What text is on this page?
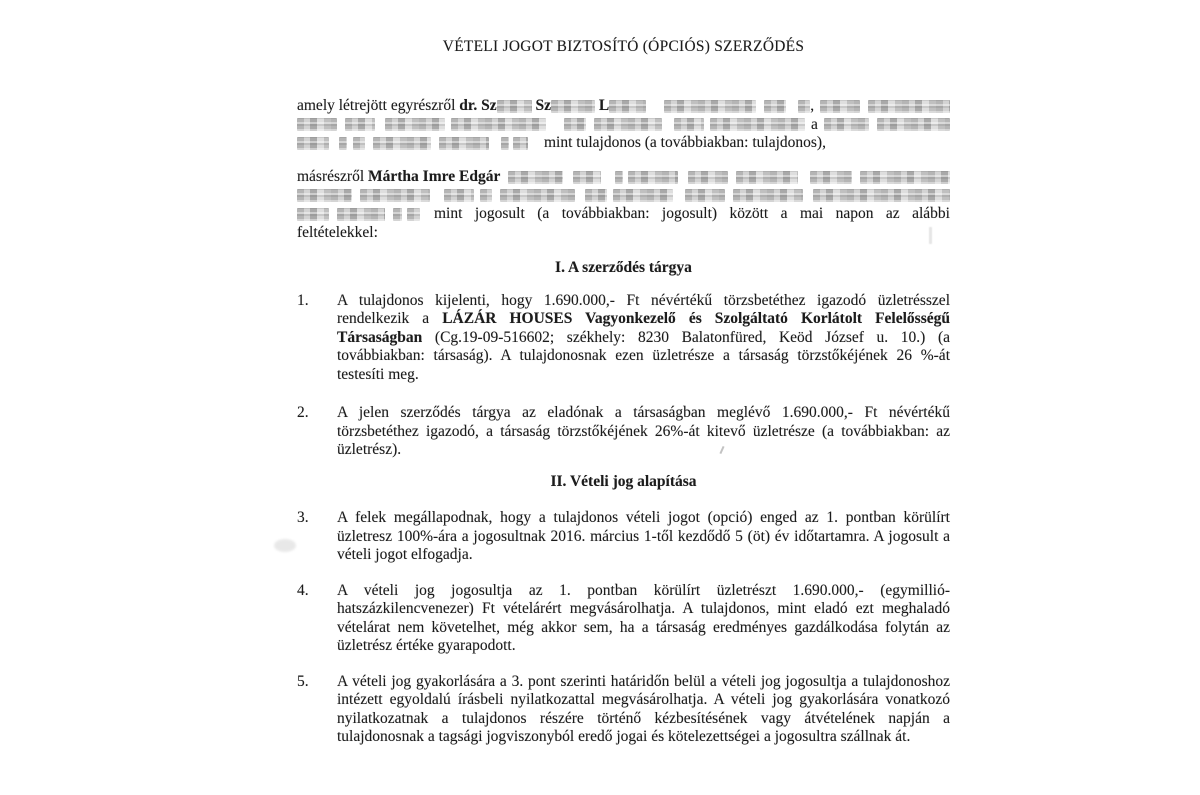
VÉTELI JOGOT BIZTOSÍTÓ (ÓPCIÓS) SZERZŐDÉS
amely létrejött egyrészről dr. Sz Sz	L	,
a
mint tulajdonos (a továbbiakban: tulajdonos),
másrészről Mártha Imre Edgár
mint jogosult (a továbbiakban: jogosult) között a mai napon az alábbi
feltételekkel:
I. A szerződés tárgya
1.	A tulajdonos kijelenti, hogy 1.690.000,- Ft névértékű törzsbetéthez igazodó üzletrésszel rendelkezik a LÁZÁR HOUSES Vagyonkezelő és Szolgáltató Korlátolt Felelősségű Társaságban (Cg.19-09-516602; székhely: 8230 Balatonfüred, Keöd József u. 10.) (a továbbiakban: társaság). A tulajdonosnak ezen üzletrésze a társaság törzstőkéjének 26 %-át testesíti meg.
2.	A jelen szerződés tárgya az eladónak a társaságban meglévő 1.690.000,- Ft névértékű törzsbetéthez igazodó, a társaság törzstőkéjének 26%-át kitevő üzletrésze (a továbbiakban: az üzletrész).
II. Vételi jog alapítása
3.	A felek megállapodnak, hogy a tulajdonos vételi jogot (opció) enged az 1. pontban körülírt üzletresz 100%-ára a jogosultnak 2016. március 1-től kezdődő 5 (öt) év időtartamra. A jogosult a vételi jogot elfogadja.
4.	A vételi jog jogosultja az 1. pontban körülírt üzletrészt 1.690.000,- (egymillió-hatszázkilencvenezer) Ft vételárért megvásárolhatja. A tulajdonos, mint eladó ezt meghaladó vételárat nem követelhet, még akkor sem, ha a társaság eredményes gazdálkodása folytán az üzletrész értéke gyarapodott.
5.	A vételi jog gyakorlására a 3. pont szerinti határidőn belül a vételi jog jogosultja a tulajdonoshoz intézett egyoldalú írásbeli nyilatkozattal megvásárolhatja. A vételi jog gyakorlására vonatkozó nyilatkozatnak a tulajdonos részére történő kézbesítésének vagy átvételének napján a tulajdonosnak a tagsági jogviszonyból eredő jogai és kötelezettségei a jogosultra szállnak át.
